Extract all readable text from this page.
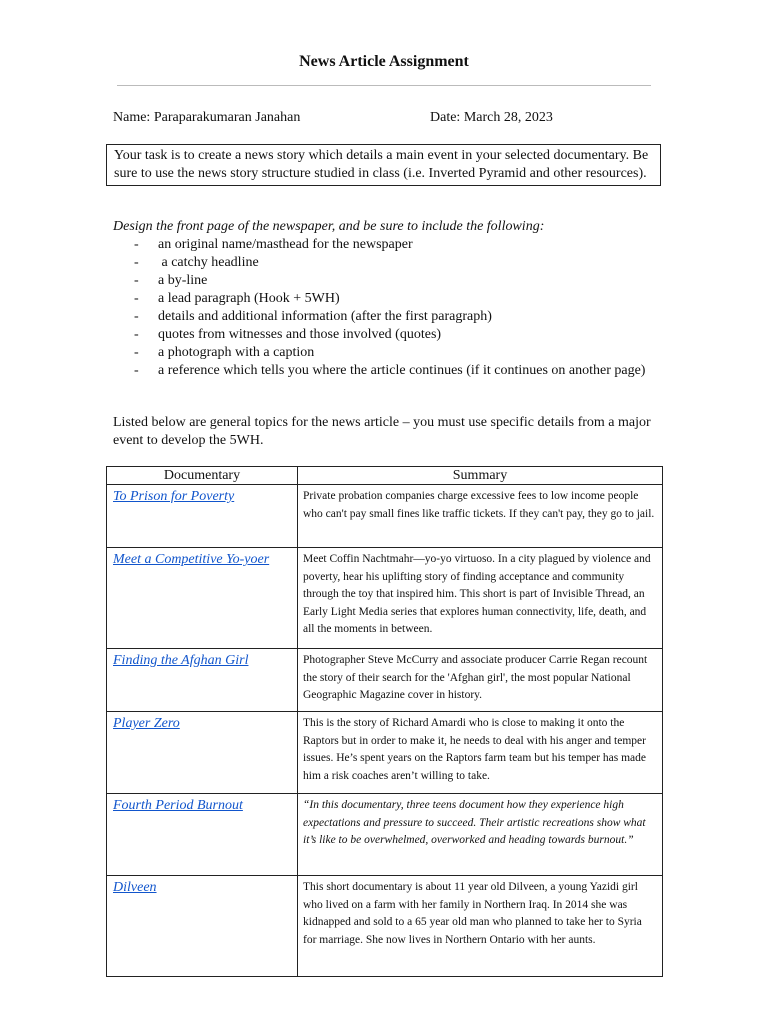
News Article Assignment
Name: Paraparakumaran Janahan	Date: March 28, 2023
Your task is to create a news story which details a main event in your selected documentary. Be sure to use the news story structure studied in class (i.e. Inverted Pyramid and other resources).
Design the front page of the newspaper, and be sure to include the following:
- an original name/masthead for the newspaper
- a catchy headline
- a by-line
- a lead paragraph (Hook + 5WH)
- details and additional information (after the first paragraph)
- quotes from witnesses and those involved (quotes)
- a photograph with a caption
- a reference which tells you where the article continues (if it continues on another page)
Listed below are general topics for the news article – you must use specific details from a major event to develop the 5WH.
Documentary	Summary
To Prison for Poverty	Private probation companies charge excessive fees to low income people who can't pay small fines like traffic tickets. If they can't pay, they go to jail.
Meet a Competitive Yo-yoer	Meet Coffin Nachtmahr—yo-yo virtuoso. In a city plagued by violence and poverty, hear his uplifting story of finding acceptance and community through the toy that inspired him. This short is part of Invisible Thread, an Early Light Media series that explores human connectivity, life, death, and all the moments in between.
Finding the Afghan Girl	Photographer Steve McCurry and associate producer Carrie Regan recount the story of their search for the 'Afghan girl', the most popular National Geographic Magazine cover in history.
Player Zero	This is the story of Richard Amardi who is close to making it onto the Raptors but in order to make it, he needs to deal with his anger and temper issues. He’s spent years on the Raptors farm team but his temper has made him a risk coaches aren’t willing to take.
Fourth Period Burnout	“In this documentary, three teens document how they experience high expectations and pressure to succeed. Their artistic recreations show what it’s like to be overwhelmed, overworked and heading towards burnout.”
Dilveen	This short documentary is about 11 year old Dilveen, a young Yazidi girl who lived on a farm with her family in Northern Iraq. In 2014 she was kidnapped and sold to a 65 year old man who planned to take her to Syria for marriage. She now lives in Northern Ontario with her aunts.
